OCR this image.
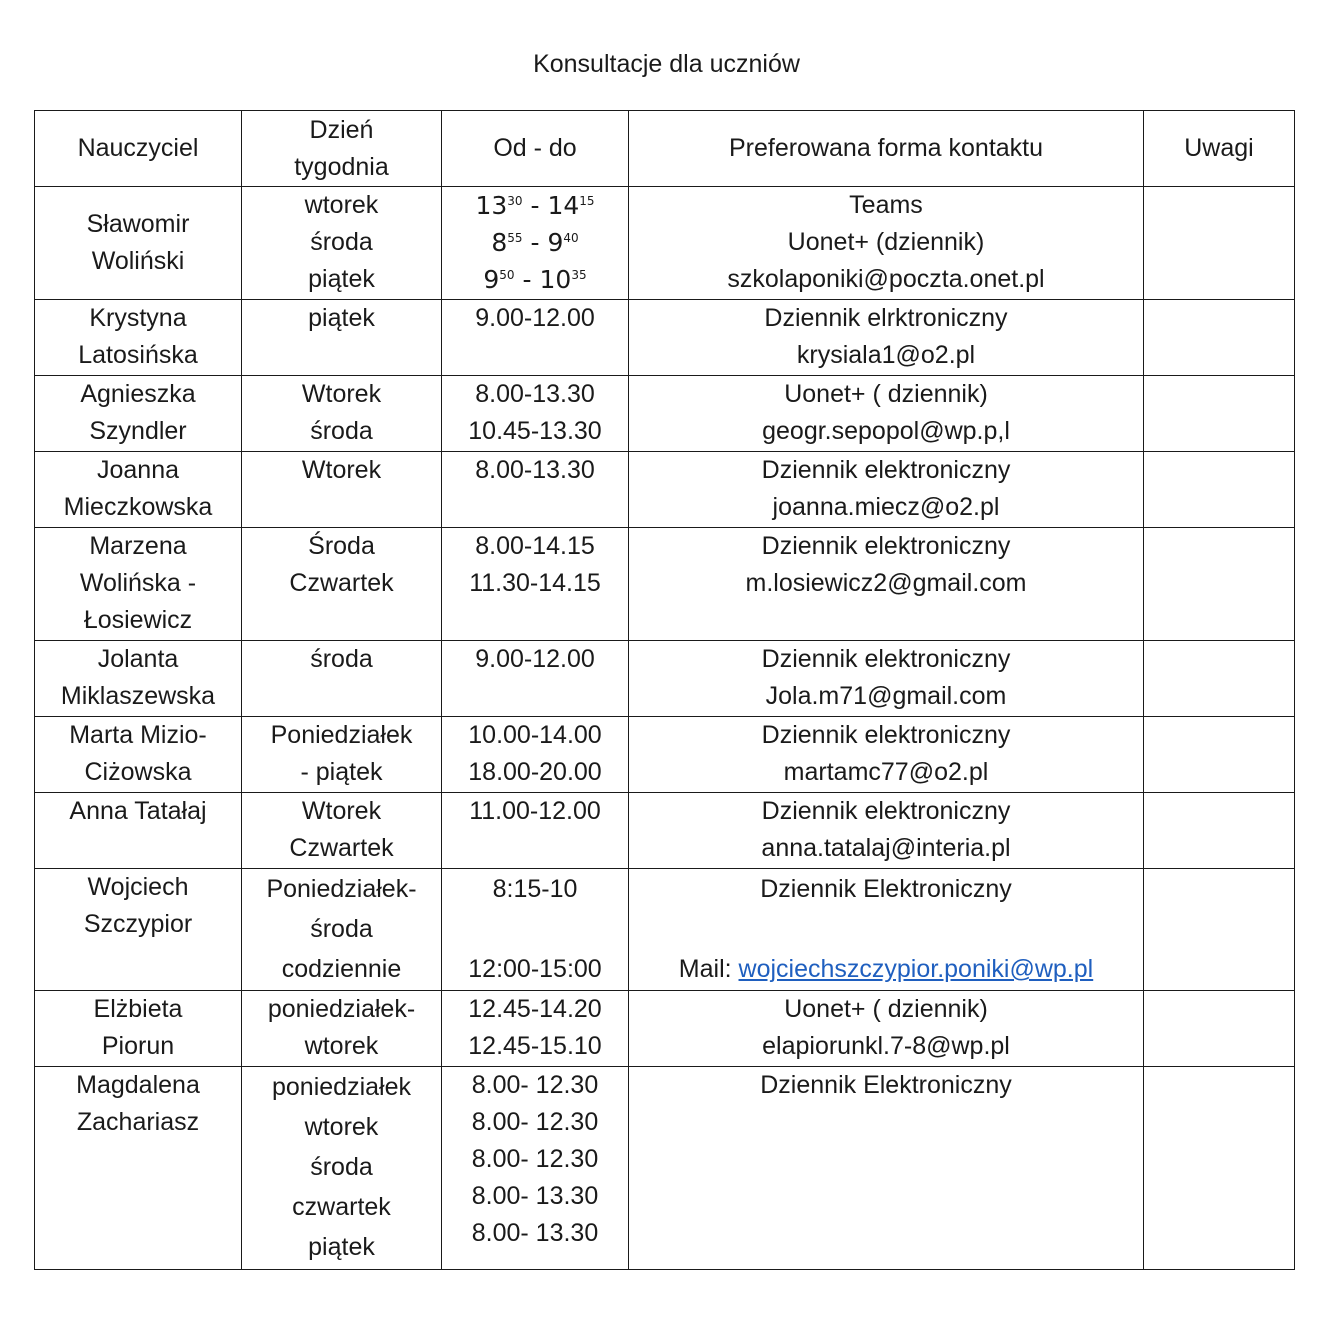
Konsultacje dla uczniów
Nauczyciel	Dzień tygodnia	Od - do	Preferowana forma kontaktu	Uwagi

Sławomir
Woliński	wtorek
środa
piątek	$13^{30} - 14^{15}$
$8^{55} - 9^{40}$
$9^{50} - 10^{35}$	Teams
Uonet+ (dziennik)
szkolaponiki@poczta.onet.pl	

Krystyna
Latosińska	piątek	9.00-12.00	Dziennik elrktroniczny
krysiala1@o2.pl	

Agnieszka
Szyndler	Wtorek
środa	8.00-13.30
10.45-13.30	Uonet+ ( dziennik)
geogr.sepopol@wp.p,l	

Joanna
Mieczkowska	Wtorek	8.00-13.30	Dziennik elektroniczny
joanna.miecz@o2.pl	

Marzena
Wolińska -
Łosiewicz	Środa
Czwartek	8.00-14.15
11.30-14.15	Dziennik elektroniczny
m.losiewicz2@gmail.com	

Jolanta
Miklaszewska	środa	9.00-12.00	Dziennik elektroniczny
Jola.m71@gmail.com	

Marta Mizio-
Ciżowska	Poniedziałek
- piątek	10.00-14.00
18.00-20.00	Dziennik elektroniczny
martamc77@o2.pl	

Anna Tatałaj	Wtorek
Czwartek	11.00-12.00	Dziennik elektroniczny
anna.tatalaj@interia.pl	

Wojciech
Szczypior	Poniedziałek-
środa
codziennie	8:15-10

12:00-15:00	Dziennik Elektroniczny

Mail: wojciechszczypior.poniki@wp.pl	

Elżbieta
Piorun	poniedziałek-
wtorek	12.45-14.20
12.45-15.10	Uonet+ ( dziennik)
elapiorunkl.7-8@wp.pl	

Magdalena
Zachariasz	poniedziałek
wtorek
środa
czwartek
piątek	8.00- 12.30
8.00- 12.30
8.00- 12.30
8.00- 13.30
8.00- 13.30	Dziennik Elektroniczny	
